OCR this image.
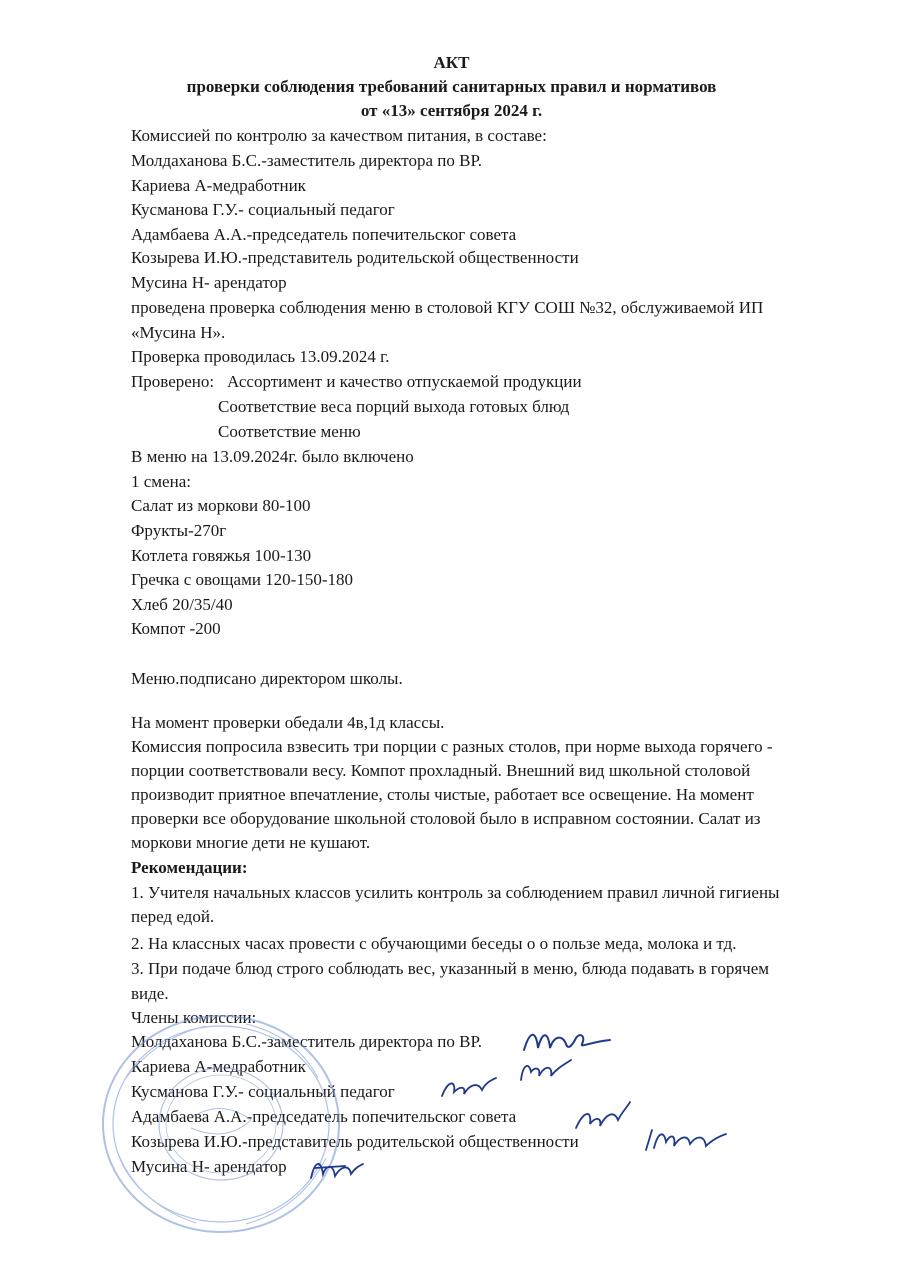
АКТ
проверки соблюдения требований санитарных правил и нормативов
от «13» сентября 2024 г.
Комиссией по контролю за качеством питания, в составе:
Молдаханова Б.С.-заместитель директора по ВР.
Кариева А-медработник
Кусманова Г.У.- социальный педагог
Адамбаева А.А.-председатель попечительског совета
Козырева И.Ю.-представитель родительской общественности
Мусина Н- арендатор
проведена проверка соблюдения меню в столовой КГУ СОШ №32, обслуживаемой ИП
«Мусина Н».
Проверка проводилась 13.09.2024 г.
Проверено: Ассортимент и качество отпускаемой продукции
Соответствие веса порций выхода готовых блюд
Соответствие меню
В меню на 13.09.2024г. было включено
1 смена:
Салат из моркови 80-100
Фрукты-270г
Котлета говяжья 100-130
Гречка с овощами 120-150-180
Хлеб 20/35/40
Компот -200
Меню.подписано директором школы.
На момент проверки обедали 4в,1д классы.
Комиссия попросила взвесить три порции с разных столов, при норме выхода горячего -
порции соответствовали весу. Компот прохладный. Внешний вид школьной столовой
производит приятное впечатление, столы чистые, работает все освещение. На момент
проверки все оборудование школьной столовой было в исправном состоянии. Салат из
моркови многие дети не кушают.
Рекомендации:
1. Учителя начальных классов усилить контроль за соблюдением правил личной гигиены
перед едой.
2. На классных часах провести с обучающими беседы о о пользе меда, молока и тд.
3. При подаче блюд строго соблюдать вес, указанный в меню, блюда подавать в горячем
виде.
Члены комиссии:
Молдаханова Б.С.-заместитель директора по ВР.
Кариева А-медработник
Кусманова Г.У.- социальный педагог
Адамбаева А.А.-председатель попечительског совета
Козырева И.Ю.-представитель родительской общественности
Мусина Н- арендатор
